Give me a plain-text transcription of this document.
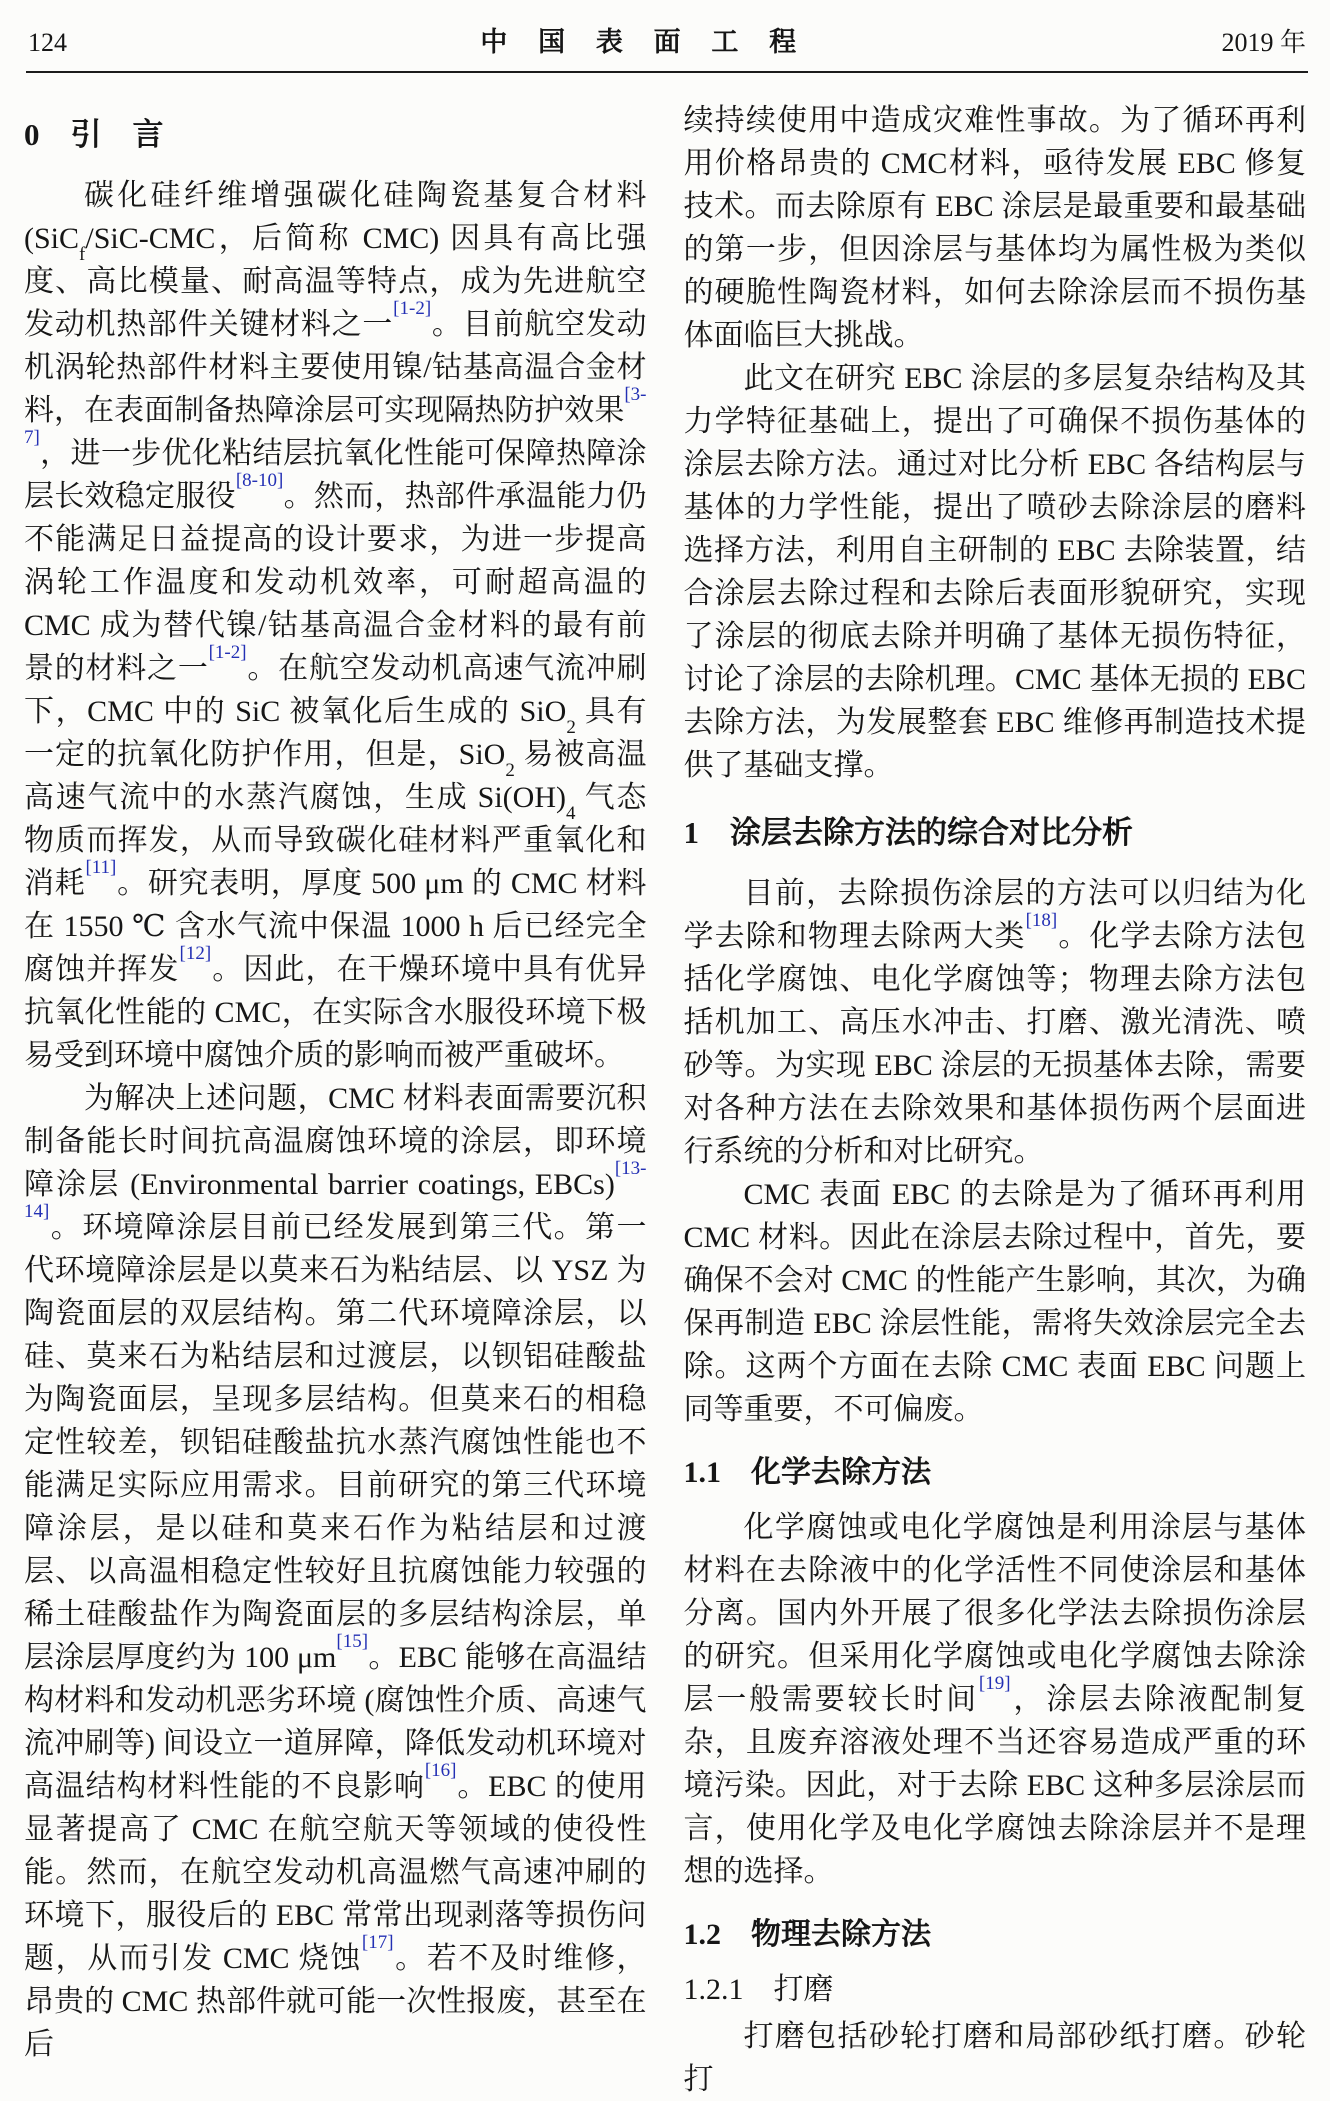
124	中 国 表 面 工 程	2019 年
0　引　言

碳化硅纤维增强碳化硅陶瓷基复合材料(SiC$_f$/SiC-CMC，后简称 CMC) 因具有高比强度、高比模量、耐高温等特点，成为先进航空发动机热部件关键材料之一[1-2]。目前航空发动机涡轮热部件材料主要使用镍/钴基高温合金材料，在表面制备热障涂层可实现隔热防护效果[3-7]，进一步优化粘结层抗氧化性能可保障热障涂层长效稳定服役[8-10]。然而，热部件承温能力仍不能满足日益提高的设计要求，为进一步提高涡轮工作温度和发动机效率，可耐超高温的 CMC 成为替代镍/钴基高温合金材料的最有前景的材料之一[1-2]。在航空发动机高速气流冲刷下，CMC 中的 SiC 被氧化后生成的 SiO$_2$ 具有一定的抗氧化防护作用，但是，SiO$_2$ 易被高温高速气流中的水蒸汽腐蚀，生成 $Si(OH)_4$ 气态物质而挥发，从而导致碳化硅材料严重氧化和消耗[11]。研究表明，厚度 500 μm 的 CMC 材料在 1550 ℃ 含水气流中保温 1000 h 后已经完全腐蚀并挥发[12]。因此，在干燥环境中具有优异抗氧化性能的 CMC，在实际含水服役环境下极易受到环境中腐蚀介质的影响而被严重破坏。

为解决上述问题，CMC 材料表面需要沉积制备能长时间抗高温腐蚀环境的涂层，即环境障涂层 (Environmental barrier coatings, EBCs)[13-14]。环境障涂层目前已经发展到第三代。第一代环境障涂层是以莫来石为粘结层、以 YSZ 为陶瓷面层的双层结构。第二代环境障涂层，以硅、莫来石为粘结层和过渡层，以钡铝硅酸盐为陶瓷面层，呈现多层结构。但莫来石的相稳定性较差，钡铝硅酸盐抗水蒸汽腐蚀性能也不能满足实际应用需求。目前研究的第三代环境障涂层，是以硅和莫来石作为粘结层和过渡层、以高温相稳定性较好且抗腐蚀能力较强的稀土硅酸盐作为陶瓷面层的多层结构涂层，单层涂层厚度约为 100 μm[15]。EBC 能够在高温结构材料和发动机恶劣环境 (腐蚀性介质、高速气流冲刷等) 间设立一道屏障，降低发动机环境对高温结构材料性能的不良影响[16]。EBC 的使用显著提高了 CMC 在航空航天等领域的使役性能。然而，在航空发动机高温燃气高速冲刷的环境下，服役后的 EBC 常常出现剥落等损伤问题，从而引发 CMC 烧蚀[17]。若不及时维修，昂贵的 CMC 热部件就可能一次性报废，甚至在后

续持续使用中造成灾难性事故。为了循环再利用价格昂贵的 CMC材料，亟待发展 EBC 修复技术。而去除原有 EBC 涂层是最重要和最基础的第一步，但因涂层与基体均为属性极为类似的硬脆性陶瓷材料，如何去除涂层而不损伤基体面临巨大挑战。

此文在研究 EBC 涂层的多层复杂结构及其力学特征基础上，提出了可确保不损伤基体的涂层去除方法。通过对比分析 EBC 各结构层与基体的力学性能，提出了喷砂去除涂层的磨料选择方法，利用自主研制的 EBC 去除装置，结合涂层去除过程和去除后表面形貌研究，实现了涂层的彻底去除并明确了基体无损伤特征，讨论了涂层的去除机理。CMC 基体无损的 EBC 去除方法，为发展整套 EBC 维修再制造技术提供了基础支撑。

1　涂层去除方法的综合对比分析

目前，去除损伤涂层的方法可以归结为化学去除和物理去除两大类[18]。化学去除方法包括化学腐蚀、电化学腐蚀等；物理去除方法包括机加工、高压水冲击、打磨、激光清洗、喷砂等。为实现 EBC 涂层的无损基体去除，需要对各种方法在去除效果和基体损伤两个层面进行系统的分析和对比研究。

CMC 表面 EBC 的去除是为了循环再利用 CMC 材料。因此在涂层去除过程中，首先，要确保不会对 CMC 的性能产生影响，其次，为确保再制造 EBC 涂层性能，需将失效涂层完全去除。这两个方面在去除 CMC 表面 EBC 问题上同等重要，不可偏废。

1.1　化学去除方法

化学腐蚀或电化学腐蚀是利用涂层与基体材料在去除液中的化学活性不同使涂层和基体分离。国内外开展了很多化学法去除损伤涂层的研究。但采用化学腐蚀或电化学腐蚀去除涂层一般需要较长时间[19]，涂层去除液配制复杂，且废弃溶液处理不当还容易造成严重的环境污染。因此，对于去除 EBC 这种多层涂层而言，使用化学及电化学腐蚀去除涂层并不是理想的选择。

1.2　物理去除方法
1.2.1　打磨

打磨包括砂轮打磨和局部砂纸打磨。砂轮打
